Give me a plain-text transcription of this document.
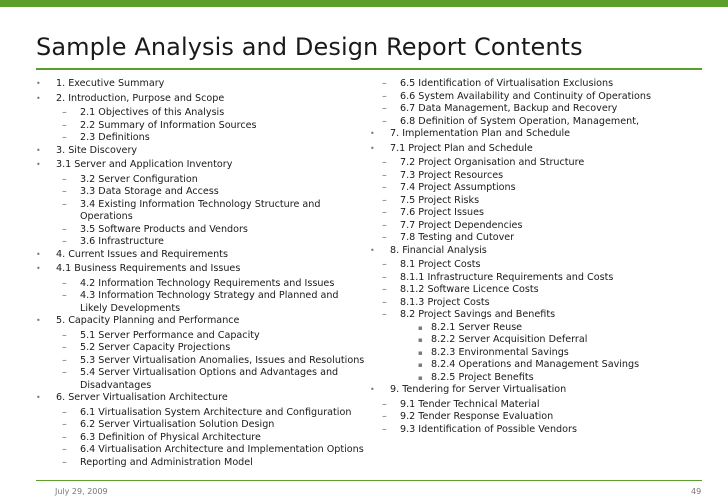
Sample Analysis and Design Report Contents
• 1. Executive Summary
• 2. Introduction, Purpose and Scope
– 2.1 Objectives of this Analysis
– 2.2 Summary of Information Sources
– 2.3 Definitions
• 3. Site Discovery
• 3.1 Server and Application Inventory
– 3.2 Server Configuration
– 3.3 Data Storage and Access
– 3.4 Existing Information Technology Structure and Operations
– 3.5 Software Products and Vendors
– 3.6 Infrastructure
• 4. Current Issues and Requirements
• 4.1 Business Requirements and Issues
– 4.2 Information Technology Requirements and Issues
– 4.3 Information Technology Strategy and Planned and Likely Developments
• 5. Capacity Planning and Performance
– 5.1 Server Performance and Capacity
– 5.2 Server Capacity Projections
– 5.3 Server Virtualisation Anomalies, Issues and Resolutions
– 5.4 Server Virtualisation Options and Advantages and Disadvantages
• 6. Server Virtualisation Architecture
– 6.1 Virtualisation System Architecture and Configuration
– 6.2 Server Virtualisation Solution Design
– 6.3 Definition of Physical Architecture
– 6.4 Virtualisation Architecture and Implementation Options
– Reporting and Administration Model
– 6.5 Identification of Virtualisation Exclusions
– 6.6 System Availability and Continuity of Operations
– 6.7 Data Management, Backup and Recovery
– 6.8 Definition of System Operation, Management,
• 7. Implementation Plan and Schedule
• 7.1 Project Plan and Schedule
– 7.2 Project Organisation and Structure
– 7.3 Project Resources
– 7.4 Project Assumptions
– 7.5 Project Risks
– 7.6 Project Issues
– 7.7 Project Dependencies
– 7.8 Testing and Cutover
• 8. Financial Analysis
– 8.1 Project Costs
– 8.1.1 Infrastructure Requirements and Costs
– 8.1.2 Software Licence Costs
– 8.1.3 Project Costs
– 8.2 Project Savings and Benefits
▪ 8.2.1 Server Reuse
▪ 8.2.2 Server Acquisition Deferral
▪ 8.2.3 Environmental Savings
▪ 8.2.4 Operations and Management Savings
▪ 8.2.5 Project Benefits
• 9. Tendering for Server Virtualisation
– 9.1 Tender Technical Material
– 9.2 Tender Response Evaluation
– 9.3 Identification of Possible Vendors
July 29, 2009	49
